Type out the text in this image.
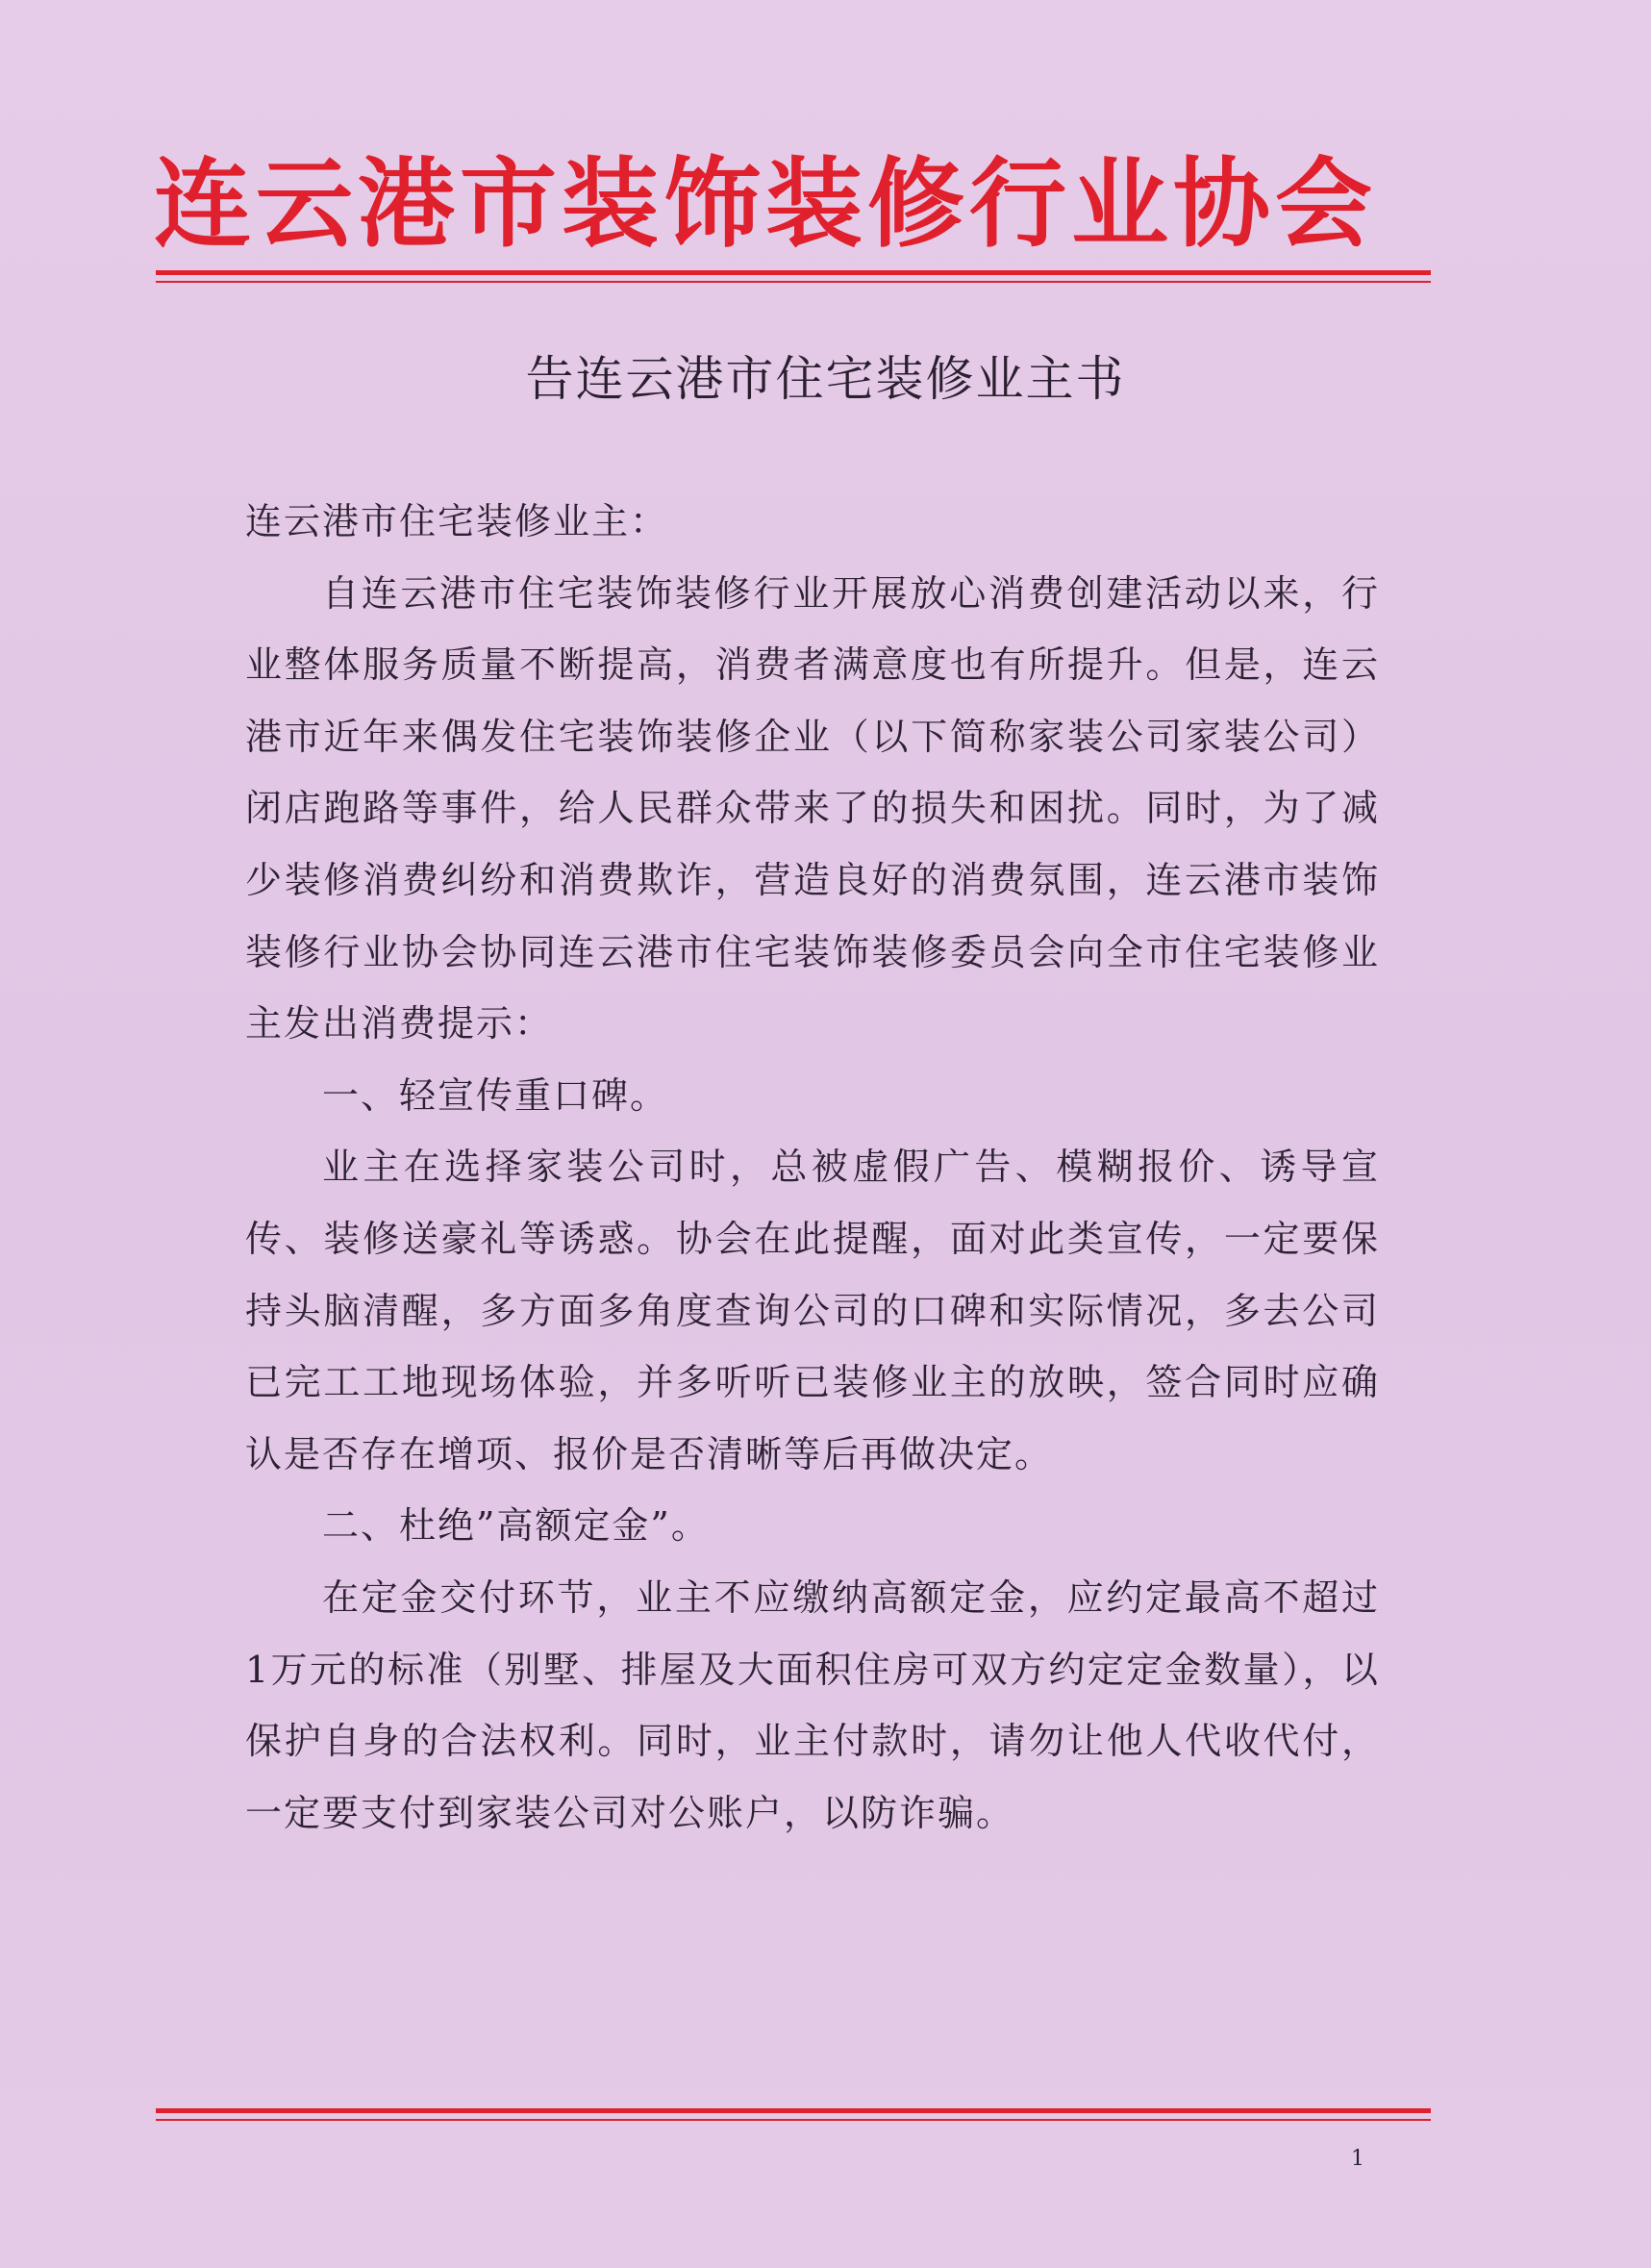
连云港市装饰装修行业协会
告连云港市住宅装修业主书

连云港市住宅装修业主：

自连云港市住宅装饰装修行业开展放心消费创建活动以来，行业整体服务质量不断提高，消费者满意度也有所提升。但是，连云港市近年来偶发住宅装饰装修企业（以下简称家装公司家装公司）闭店跑路等事件，给人民群众带来了的损失和困扰。同时，为了减少装修消费纠纷和消费欺诈，营造良好的消费氛围，连云港市装饰装修行业协会协同连云港市住宅装饰装修委员会向全市住宅装修业主发出消费提示：

一、轻宣传重口碑。

业主在选择家装公司时，总被虚假广告、模糊报价、诱导宣传、装修送豪礼等诱惑。协会在此提醒，面对此类宣传，一定要保持头脑清醒，多方面多角度查询公司的口碑和实际情况，多去公司已完工工地现场体验，并多听听已装修业主的放映，签合同时应确认是否存在增项、报价是否清晰等后再做决定。

二、杜绝”高额定金”。

在定金交付环节，业主不应缴纳高额定金，应约定最高不超过1万元的标准（别墅、排屋及大面积住房可双方约定定金数量），以保护自身的合法权利。同时，业主付款时，请勿让他人代收代付，一定要支付到家装公司对公账户，以防诈骗。

1
